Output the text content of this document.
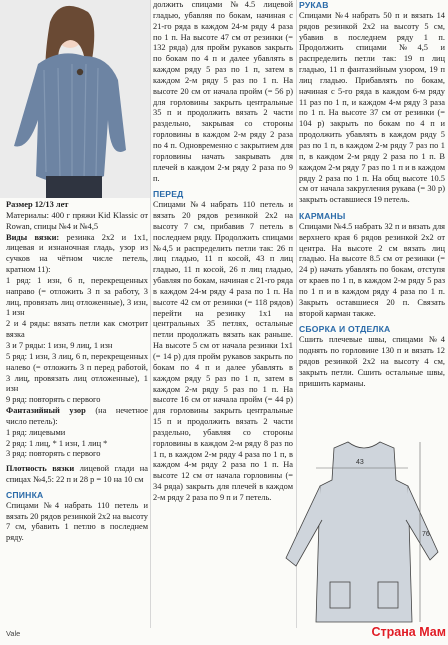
Размер 12/13 лет

Материалы: 400 г пряжи Kid Klassic от Rowan, спицы №4 и №4,5

Виды вязки: резинка 2х2 и 1х1, лицевая и изнаночная гладь, узор из сучков на чётном числе петель, кратном 11):

1 ряд: 1 изн, 6 п, перекрещенных направо (= отложить 3 п за работу, 3 лиц, провязать лиц отложенные), 3 изн, 1 изн

2 и 4 ряды: вязать петли как смотрит вязка

3 и 7 ряды: 1 изн, 9 лиц, 1 изн

5 ряд: 1 изн, 3 лиц, 6 п, перекрещенных налево (= отложить 3 п перед работой, 3 лиц, провязать лиц отложенные), 1 изн

9 ряд: повторять с первого

Фантазийный узор (на нечетное число петель):

1 ряд: лицевыми

2 ряд: 1 лиц, * 1 изн, 1 лиц *

3 ряд: повторять с первого

Плотность вязки лицевой глади на спицах №4,5: 22 п и 28 р = 10 на 10 см

СПИНКА

Спицами №4 набрать 110 петель и вязать 20 рядов резинкой 2х2 на высоту 7 см, убавить 1 петлю в последнем ряду.

должить спицами №4.5 лицевой гладью, убавляя по бокам, начиная с 21-го ряда в каждом 24-м ряду 4 раза по 1 п. На высоте 47 см от резинки (= 132 ряда) для пройм рукавов закрыть по бокам по 4 п и далее убавлять в каждом ряду 5 раз по 1 п, затем в каждом 2-м ряду 5 раз по 1 п. На высоте 20 см от начала пройм (= 56 р) для горловины закрыть центральные 35 п и продолжить вязать 2 части раздельно, закрывая со стороны горловины в каждом 2-м ряду 2 раза по 4 п. Одновременно с закрытием для горловины начать закрывать для плечей в каждом 2-м ряду 2 раза по 9 п.

ПЕРЕД

Спицами №4 набрать 110 петель и вязать 20 рядов резинкой 2х2 на высоту 7 см, прибавив 7 петель в последнем ряду. Продолжить спицами №4,5 и распределить петли так: 26 п лиц гладью, 11 п косой, 43 п лиц гладью, 11 п косой, 26 п лиц гладью, убавляя по бокам, начиная с 21-го ряда в каждом 24-м ряду 4 раза по 1 п. На высоте 42 см от резинки (= 118 рядов) перейти на резинку 1х1 на центральных 35 петлях, остальные петли продолжать вязать как раньше. На высоте 5 см от начала резинки 1х1 (= 14 р) для пройм рукавов закрыть по бокам по 4 п и далее убавлять в каждом ряду 5 раз по 1 п, затем в каждом 2-м ряду 5 раз по 1 п. На высоте 16 см от начала пройм (= 44 р) для горловины закрыть центральные 15 п и продолжить вязать 2 части раздельно, убавляя со стороны горловины в каждом 2-м ряду 8 раз по 1 п, в каждом 2-м ряду 4 раза по 1 п, в каждом 4-м ряду 2 раза по 1 п. На высоте 12 см от начала горловины (= 34 ряда) закрыть для плечей в каждом 2-м ряду 2 раза по 9 п и 7 петель.

РУКАВ

Спицами №4 набрать 50 п и вязать 14 рядов резинкой 2х2 на высоту 5 см, убавив в последнем ряду 1 п. Продолжить спицами №4,5 и распределить петли так: 19 п лиц гладью, 11 п фантазийным узором, 19 п лиц гладью. Прибавлять по бокам, начиная с 5-го ряда в каждом 6-м ряду 11 раз по 1 п, и каждом 4-м ряду 3 раза по 1 п. На высоте 37 см от резинки (= 104 р) закрыть по бокам по 4 п и продолжить убавлять в каждом ряду 5 раз по 1 п, в каждом 2-м ряду 7 раз по 1 п, в каждом 2-м ряду 2 раза по 1 п. В каждом 2-м ряду 7 раз по 1 п и в каждом ряду 2 раза по 1 п. На общ высоте 10.5 см от начала закругления рукава (= 30 р) закрыть оставшиеся 19 петель.

КАРМАНЫ

Спицами №4.5 набрать 32 п и вязать для верхнего края 6 рядов резинкой 2х2 от центра. На высоте 2 см вязать лиц гладью. На высоте 8.5 см от резинки (= 24 р) начать убавлять по бокам, отступя от краев по 1 п, в каждом 2-м ряду 5 раз по 1 п и в каждом ряду 4 раза по 1 п. Закрыть оставшиеся 20 п. Связать второй карман также.

СБОРКА И ОТДЕЛКА

Сшить плечевые швы, спицами №4 поднять по горловине 130 п и вязать 12 рядов резинкой 2х2 на высоту 4 см, закрыть петли. Сшить остальные швы, пришить карманы.

43
76
Vale	Страна Мам
